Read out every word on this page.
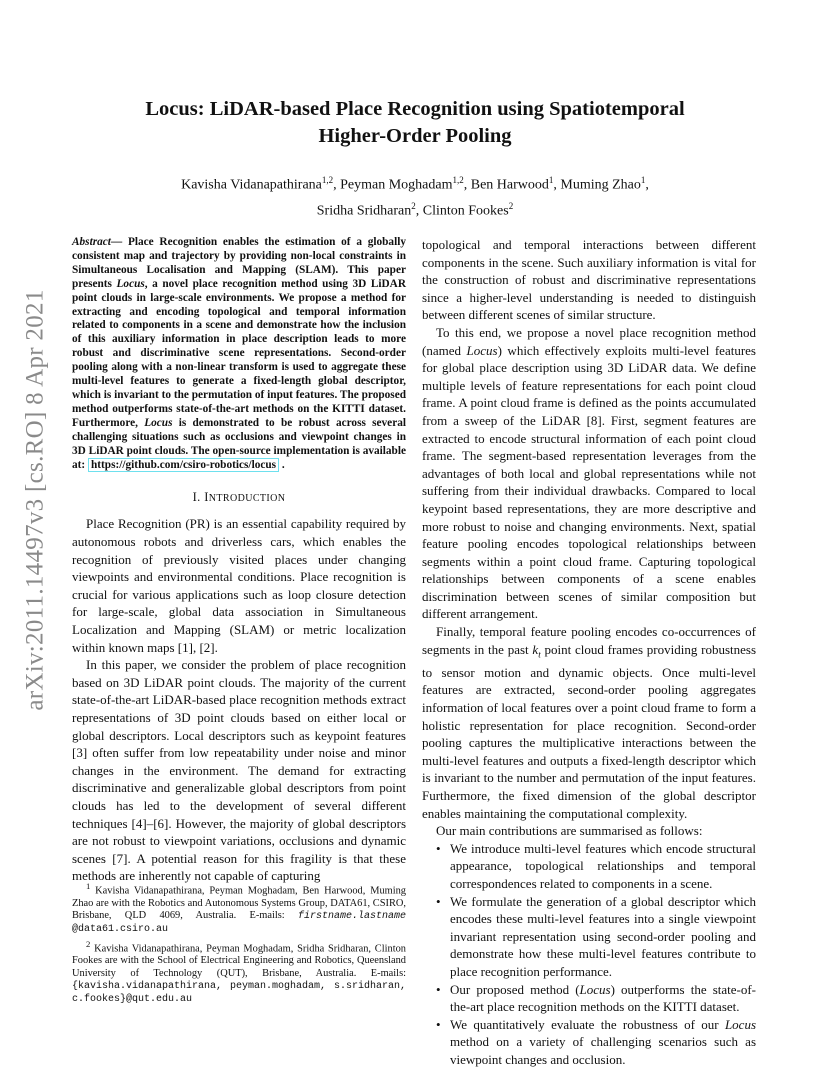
arXiv:2011.14497v3 [cs.RO] 8 Apr 2021
Locus: LiDAR-based Place Recognition using Spatiotemporal
Higher-Order Pooling
Kavisha Vidanapathirana$^{1,2}$, Peyman Moghadam$^{1,2}$, Ben Harwood$^1$, Muming Zhao$^1$,
Sridha Sridharan$^2$, Clinton Fookes$^2$

Abstract— Place Recognition enables the estimation of a globally consistent map and trajectory by providing non-local constraints in Simultaneous Localisation and Mapping (SLAM). This paper presents Locus, a novel place recognition method using 3D LiDAR point clouds in large-scale environments. We propose a method for extracting and encoding topological and temporal information related to components in a scene and demonstrate how the inclusion of this auxiliary information in place description leads to more robust and discriminative scene representations. Second-order pooling along with a non-linear transform is used to aggregate these multi-level features to generate a fixed-length global descriptor, which is invariant to the permutation of input features. The proposed method outperforms state-of-the-art methods on the KITTI dataset. Furthermore, Locus is demonstrated to be robust across several challenging situations such as occlusions and viewpoint changes in 3D LiDAR point clouds. The open-source implementation is available at: https://github.com/csiro-robotics/locus .

I. INTRODUCTION

Place Recognition (PR) is an essential capability required by autonomous robots and driverless cars, which enables the recognition of previously visited places under changing viewpoints and environmental conditions. Place recognition is crucial for various applications such as loop closure detection for large-scale, global data association in Simultaneous Localization and Mapping (SLAM) or metric localization within known maps [1], [2].

In this paper, we consider the problem of place recognition based on 3D LiDAR point clouds. The majority of the current state-of-the-art LiDAR-based place recognition methods extract representations of 3D point clouds based on either local or global descriptors. Local descriptors such as keypoint features [3] often suffer from low repeatability under noise and minor changes in the environment. The demand for extracting discriminative and generalizable global descriptors from point clouds has led to the development of several different techniques [4]–[6]. However, the majority of global descriptors are not robust to viewpoint variations, occlusions and dynamic scenes [7]. A potential reason for this fragility is that these methods are inherently not capable of capturing

$^1$ Kavisha Vidanapathirana, Peyman Moghadam, Ben Harwood, Muming Zhao are with the Robotics and Autonomous Systems Group, DATA61, CSIRO, Brisbane, QLD 4069, Australia. E-mails: firstname.lastname @data61.csiro.au

$^2$ Kavisha Vidanapathirana, Peyman Moghadam, Sridha Sridharan, Clinton Fookes are with the School of Electrical Engineering and Robotics, Queensland University of Technology (QUT), Brisbane, Australia. E-mails: {kavisha.vidanapathirana, peyman.moghadam, s.sridharan, c.fookes}@qut.edu.au

topological and temporal interactions between different components in the scene. Such auxiliary information is vital for the construction of robust and discriminative representations since a higher-level understanding is needed to distinguish between different scenes of similar structure.

To this end, we propose a novel place recognition method (named Locus) which effectively exploits multi-level features for global place description using 3D LiDAR data. We define multiple levels of feature representations for each point cloud frame. A point cloud frame is defined as the points accumulated from a sweep of the LiDAR [8]. First, segment features are extracted to encode structural information of each point cloud frame. The segment-based representation leverages from the advantages of both local and global representations while not suffering from their individual drawbacks. Compared to local keypoint based representations, they are more descriptive and more robust to noise and changing environments. Next, spatial feature pooling encodes topological relationships between segments within a point cloud frame. Capturing topological relationships between components of a scene enables discrimination between scenes of similar composition but different arrangement.

Finally, temporal feature pooling encodes co-occurrences of segments in the past $k_t$ point cloud frames providing robustness to sensor motion and dynamic objects. Once multi-level features are extracted, second-order pooling aggregates information of local features over a point cloud frame to form a holistic representation for place recognition. Second-order pooling captures the multiplicative interactions between the multi-level features and outputs a fixed-length descriptor which is invariant to the number and permutation of the input features. Furthermore, the fixed dimension of the global descriptor enables maintaining the computational complexity.

Our main contributions are summarised as follows:

• We introduce multi-level features which encode structural appearance, topological relationships and temporal correspondences related to components in a scene.
• We formulate the generation of a global descriptor which encodes these multi-level features into a single viewpoint invariant representation using second-order pooling and demonstrate how these multi-level features contribute to place recognition performance.
• Our proposed method (Locus) outperforms the state-of-the-art place recognition methods on the KITTI dataset.
• We quantitatively evaluate the robustness of our Locus method on a variety of challenging scenarios such as viewpoint changes and occlusion.
